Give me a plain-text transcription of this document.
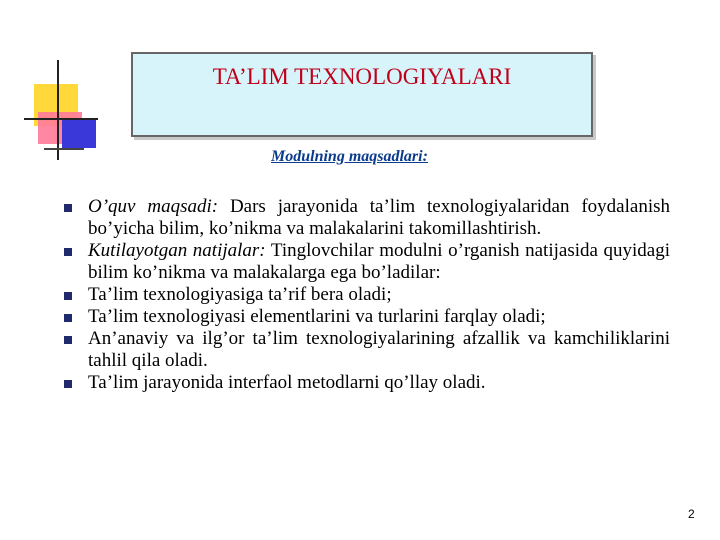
TA’LIM TEXNOLOGIYALARI
Modulning maqsadlari:
O’quv maqsadi: Dars jarayonida ta’lim texnologiyalaridan foydalanish bo’yicha bilim, ko’nikma va malakalarini takomillashtirish.
Kutilayotgan natijalar: Tinglovchilar modulni o’rganish natijasida quyidagi bilim ko’nikma va malakalarga ega bo’ladilar:
Ta’lim texnologiyasiga ta’rif bera oladi;
Ta’lim texnologiyasi elementlarini va turlarini farqlay oladi;
An’anaviy va ilg’or ta’lim texnologiyalarining afzallik va kamchiliklarini tahlil qila oladi.
Ta’lim jarayonida interfaol metodlarni qo’llay oladi.
2
